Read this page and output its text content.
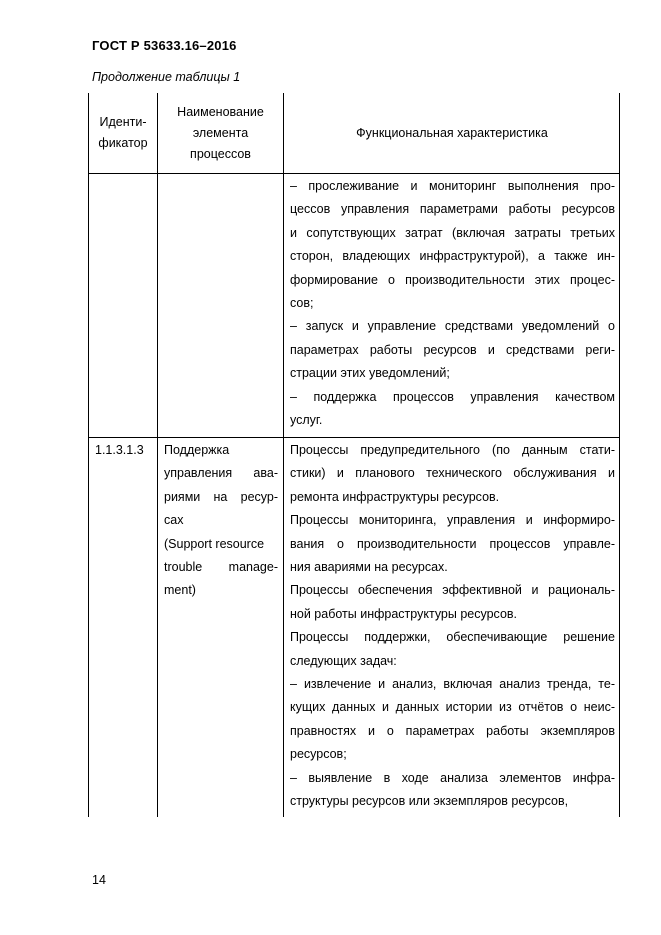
ГОСТ Р 53633.16–2016
Продолжение таблицы 1
Иденти-
фикатор
Наименование
элемента
процессов
Функциональная характеристика
– прослеживание и мониторинг выполнения про-
цессов управления параметрами работы ресурсов
и сопутствующих затрат (включая затраты третьих
сторон, владеющих инфраструктурой), а также ин-
формирование о производительности этих процес-
сов;
– запуск и управление средствами уведомлений о
параметрах работы ресурсов и средствами реги-
страции этих уведомлений;
– поддержка процессов управления качеством
услуг.
1.1.3.1.3	Поддержка
управления ава-
риями на ресур-
сах
(Support resource
trouble manage-
ment)
Процессы предупредительного (по данным стати-
стики) и планового технического обслуживания и
ремонта инфраструктуры ресурсов.
Процессы мониторинга, управления и информиро-
вания о производительности процессов управле-
ния авариями на ресурсах.
Процессы обеспечения эффективной и рациональ-
ной работы инфраструктуры ресурсов.
Процессы поддержки, обеспечивающие решение
следующих задач:
– извлечение и анализ, включая анализ тренда, те-
кущих данных и данных истории из отчётов о неис-
правностях и о параметрах работы экземпляров
ресурсов;
– выявление в ходе анализа элементов инфра-
структуры ресурсов или экземпляров ресурсов,
14
